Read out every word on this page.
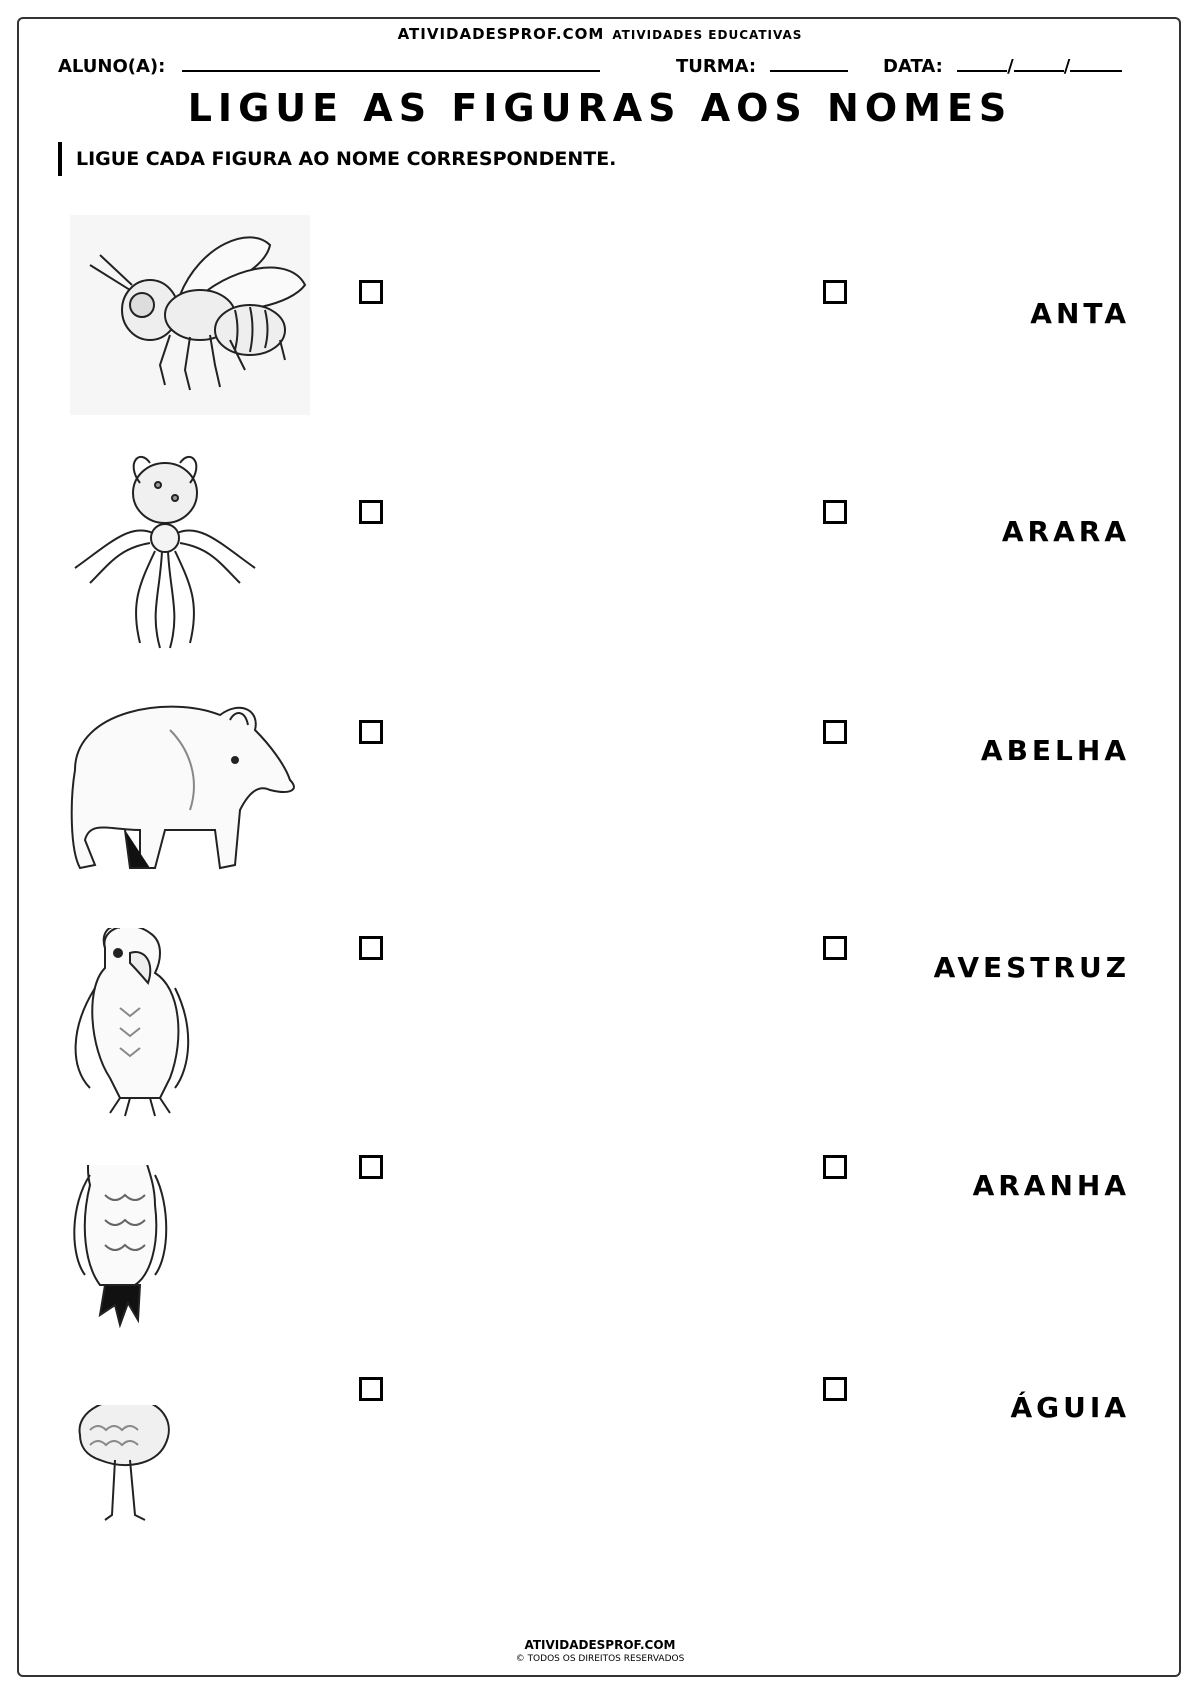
ATIVIDADESPROF.COM ATIVIDADES EDUCATIVAS
ALUNO(A):	TURMA:	DATA:	/	/
LIGUE AS FIGURAS AOS NOMES
LIGUE CADA FIGURA AO NOME CORRESPONDENTE.
ANTA
ARARA
ABELHA
AVESTRUZ
ARANHA
ÁGUIA
ATIVIDADESPROF.COM
© TODOS OS DIREITOS RESERVADOS
